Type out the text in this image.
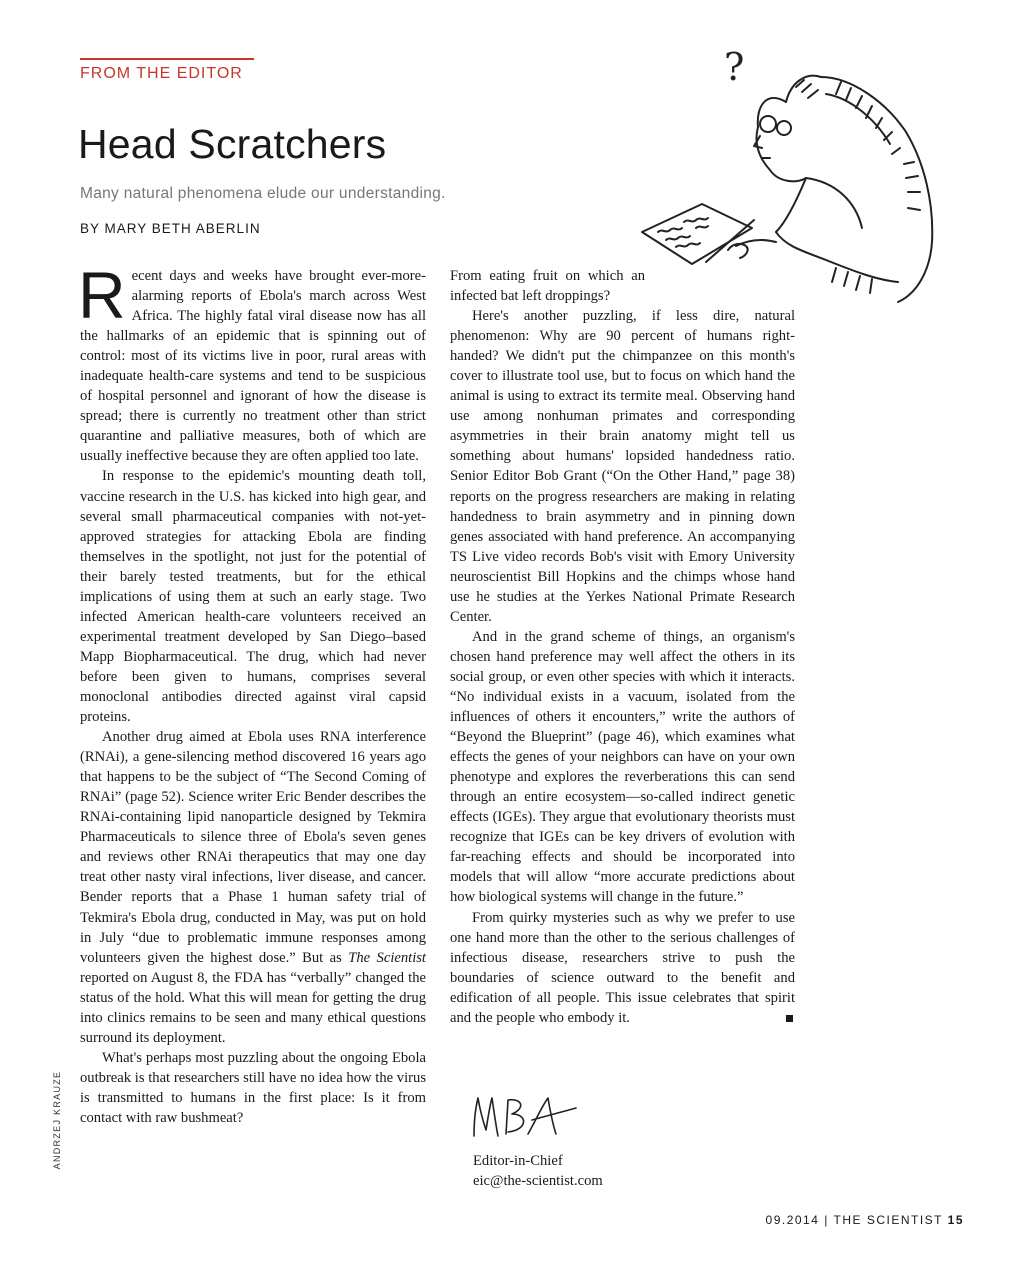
FROM THE EDITOR
Head Scratchers
Many natural phenomena elude our understanding.
BY MARY BETH ABERLIN
?

Recent days and weeks have brought ever-more-alarming reports of Ebola's march across West Africa. The highly fatal viral disease now has all the hallmarks of an epidemic that is spinning out of control: most of its victims live in poor, rural areas with inadequate health-care systems and tend to be suspicious of hospital personnel and ignorant of how the disease is spread; there is currently no treatment other than strict quarantine and palliative measures, both of which are usually ineffective because they are often applied too late.

In response to the epidemic's mounting death toll, vaccine research in the U.S. has kicked into high gear, and several small pharmaceutical companies with not-yet-approved strategies for attacking Ebola are finding themselves in the spotlight, not just for the potential of their barely tested treatments, but for the ethical implications of using them at such an early stage. Two infected American health-care volunteers received an experimental treatment developed by San Diego–based Mapp Biopharmaceutical. The drug, which had never before been given to humans, comprises several monoclonal antibodies directed against viral capsid proteins.

Another drug aimed at Ebola uses RNA interference (RNAi), a gene-silencing method discovered 16 years ago that happens to be the subject of “The Second Coming of RNAi” (page 52). Science writer Eric Bender describes the RNAi-containing lipid nanoparticle designed by Tekmira Pharmaceuticals to silence three of Ebola's seven genes and reviews other RNAi therapeutics that may one day treat other nasty viral infections, liver disease, and cancer. Bender reports that a Phase 1 human safety trial of Tekmira's Ebola drug, conducted in May, was put on hold in July “due to problematic immune responses among volunteers given the highest dose.” But as The Scientist reported on August 8, the FDA has “verbally” changed the status of the hold. What this will mean for getting the drug into clinics remains to be seen and many ethical questions surround its deployment.

What's perhaps most puzzling about the ongoing Ebola outbreak is that researchers still have no idea how the virus is transmitted to humans in the first place: Is it from contact with raw bushmeat?

From eating fruit on which an infected bat left droppings?

Here's another puzzling, if less dire, natural phenomenon: Why are 90 percent of humans right-handed? We didn't put the chimpanzee on this month's cover to illustrate tool use, but to focus on which hand the animal is using to extract its termite meal. Observing hand use among nonhuman primates and corresponding asymmetries in their brain anatomy might tell us something about humans' lopsided handedness ratio. Senior Editor Bob Grant (“On the Other Hand,” page 38) reports on the progress researchers are making in relating handedness to brain asymmetry and in pinning down genes associated with hand preference. An accompanying TS Live video records Bob's visit with Emory University neuroscientist Bill Hopkins and the chimps whose hand use he studies at the Yerkes National Primate Research Center.

And in the grand scheme of things, an organism's chosen hand preference may well affect the others in its social group, or even other species with which it interacts. “No individual exists in a vacuum, isolated from the influences of others it encounters,” write the authors of “Beyond the Blueprint” (page 46), which examines what effects the genes of your neighbors can have on your own phenotype and explores the reverberations this can send through an entire ecosystem—so-called indirect genetic effects (IGEs). They argue that evolutionary theorists must recognize that IGEs can be key drivers of evolution with far-reaching effects and should be incorporated into models that will allow “more accurate predictions about how biological systems will change in the future.”

From quirky mysteries such as why we prefer to use one hand more than the other to the serious challenges of infectious disease, researchers strive to push the boundaries of science outward to the benefit and edification of all people. This issue celebrates that spirit and the people who embody it.

Editor-in-Chief
eic@the-scientist.com
ANDRZEJ KRAUZE
09.2014 | THE SCIENTIST 15
